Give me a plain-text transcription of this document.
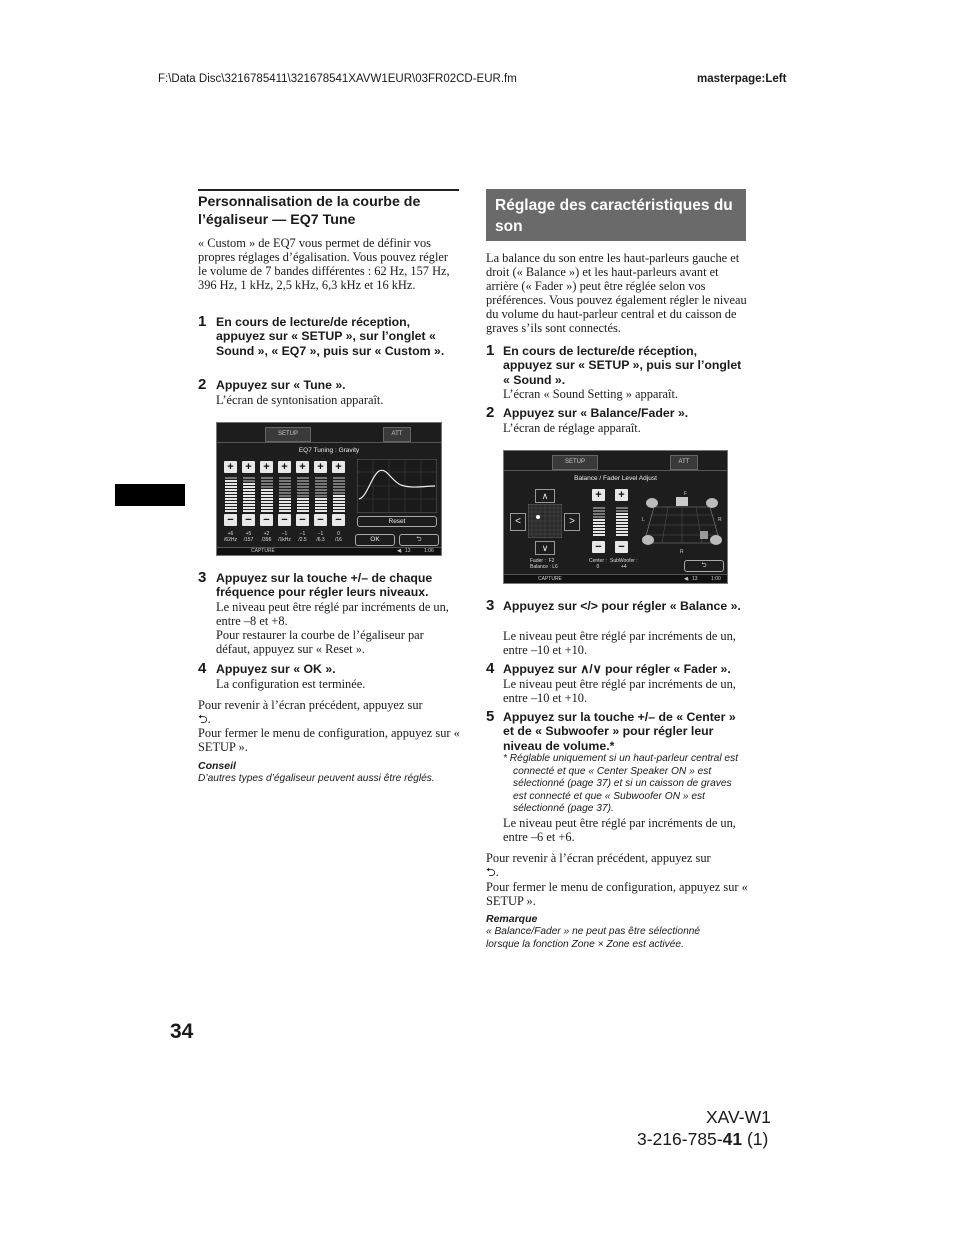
F:\Data Disc\3216785411\321678541XAVW1EUR\03FR02CD-EUR.fm	masterpage:Left
Personnalisation de la courbe de l’égaliseur — EQ7 Tune
« Custom » de EQ7 vous permet de définir vos propres réglages d’égalisation. Vous pouvez régler le volume de 7 bandes différentes : 62 Hz, 157 Hz, 396 Hz, 1 kHz, 2,5 kHz, 6,3 kHz et 16 kHz.
1 En cours de lecture/de réception, appuyez sur « SETUP », sur l’onglet « Sound », « EQ7 », puis sur « Custom ».
2 Appuyez sur « Tune ».
L’écran de syntonisation apparaît.
SETUP	ATT
EQ7 Tuning : Gravity
+
−
+6
/62Hz
+
−
+5
/157
+
−
+2
/396
+
−
−1
/1kHz
+
−
−1
/2.5
+
−
−1
/6.3
+
−
0
/16
Reset
OK	⮌
CAPTURE	◀ᵢ 13	1:06
3 Appuyez sur la touche +/– de chaque fréquence pour régler leurs niveaux.
Le niveau peut être réglé par incréments de un, entre –8 et +8.
Pour restaurer la courbe de l’égaliseur par défaut, appuyez sur « Reset ».
4 Appuyez sur « OK ».
La configuration est terminée.
Pour revenir à l’écran précédent, appuyez sur
⮌.
Pour fermer le menu de configuration, appuyez sur « SETUP ».
Conseil
D’autres types d’égaliseur peuvent aussi être réglés.
Réglage des caractéristiques du son
La balance du son entre les haut-parleurs gauche et droit (« Balance ») et les haut-parleurs avant et arrière (« Fader ») peut être réglée selon vos préférences. Vous pouvez également régler le niveau du volume du haut-parleur central et du caisson de graves s’ils sont connectés.
1 En cours de lecture/de réception, appuyez sur « SETUP », puis sur l’onglet « Sound ».
L’écran « Sound Setting » apparaît.
2 Appuyez sur « Balance/Fader ».
L’écran de réglage apparaît.
SETUP	ATT
Balance / Fader Level Adjust
∧
∨
<	>
+ +
− −
F
L	R
R
Fader : F2
Balance : L6
Center :
0
SubWoofer :
+4	⮌
CAPTURE	◀ᵢ 13	1:00
3 Appuyez sur </> pour régler « Balance ».
Le niveau peut être réglé par incréments de un, entre –10 et +10.
4 Appuyez sur ∧/∨ pour régler « Fader ».
Le niveau peut être réglé par incréments de un, entre –10 et +10.
5 Appuyez sur la touche +/– de « Center » et de « Subwoofer » pour régler leur niveau de volume.*
* Réglable uniquement si un haut-parleur central est connecté et que « Center Speaker ON » est sélectionné (page 37) et si un caisson de graves est connecté et que « Subwoofer ON » est sélectionné (page 37).
Le niveau peut être réglé par incréments de un, entre –6 et +6.
Pour revenir à l’écran précédent, appuyez sur
⮌.
Pour fermer le menu de configuration, appuyez sur « SETUP ».
Remarque
« Balance/Fader » ne peut pas être sélectionné lorsque la fonction Zone × Zone est activée.
34
XAV-W1
3-216-785-41 (1)
